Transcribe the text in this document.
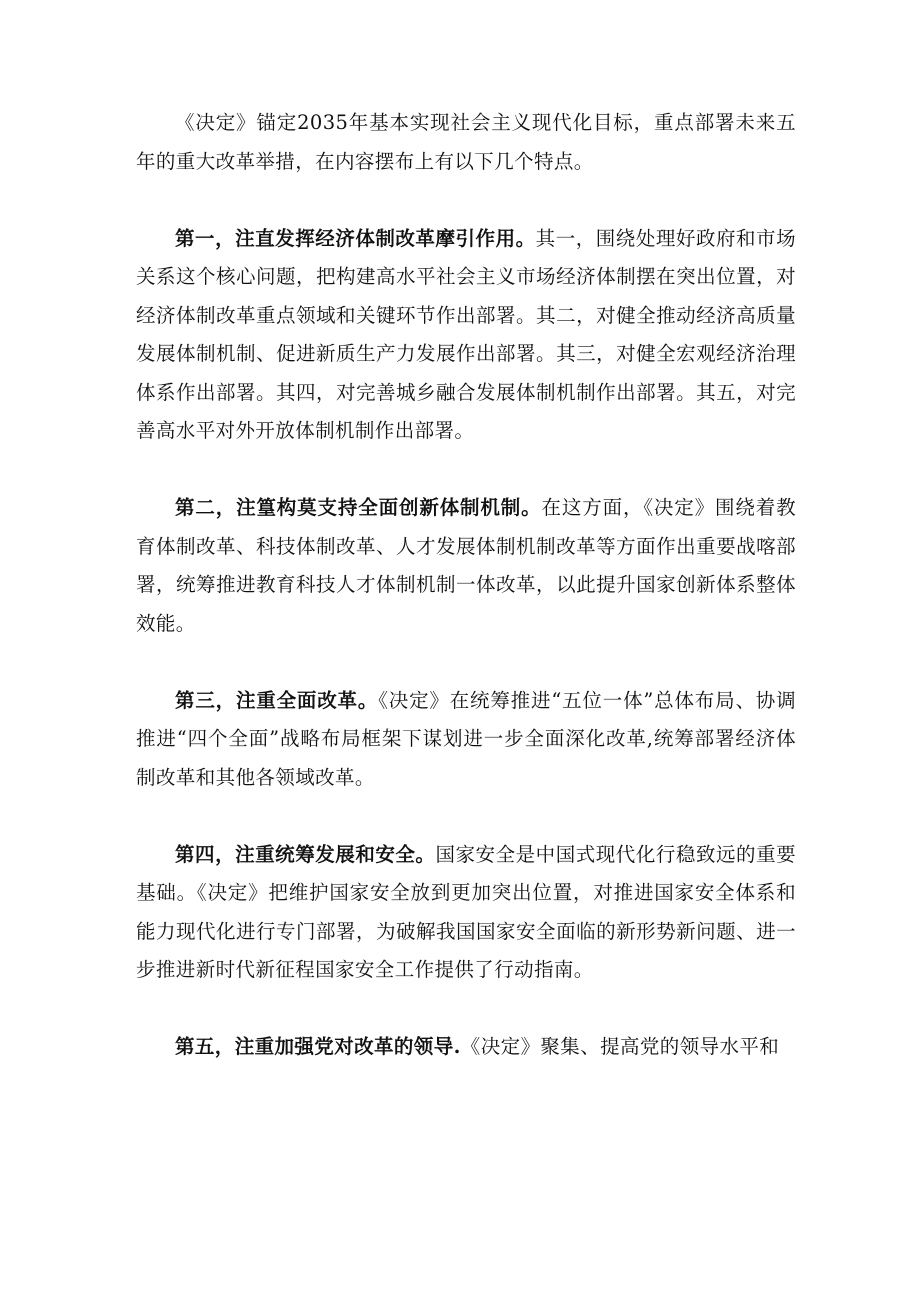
《决定》锚定2035年基本实现社会主义现代化目标，重点部署未来五年的重大改革举措，在内容摆布上有以下几个特点。

第一，注直发挥经济体制改革摩引作用。其一，围绕处理好政府和市场关系这个核心问题，把构建高水平社会主义市场经济体制摆在突出位置，对经济体制改革重点领域和关键环节作出部署。其二，对健全推动经济高质量发展体制机制、促进新质生产力发展作出部署。其三，对健全宏观经济治理体系作出部署。其四，对完善城乡融合发展体制机制作出部署。其五，对完善高水平对外开放体制机制作出部署。

第二，注篁构莫支持全面创新体制机制。在这方面，《决定》围绕着教育体制改革、科技体制改革、人才发展体制机制改革等方面作出重要战喀部署，统筹推进教育科技人才体制机制一体改革，以此提升国家创新体系整体效能。

第三，注重全面改革。《决定》在统筹推进“五位一体”总体布局、协调推进“四个全面”战略布局框架下谋划进一步全面深化改革,统筹部署经济体制改革和其他各领域改革。

第四，注重统筹发展和安全。国家安全是中国式现代化行稳致远的重要基础。《决定》把维护国家安全放到更加突出位置，对推进国家安全体系和能力现代化进行专门部署，为破解我国国家安全面临的新形势新问题、进一步推进新时代新征程国家安全工作提供了行动指南。

第五，注重加强党对改革的领导.《决定》聚集、提高党的领导水平和
